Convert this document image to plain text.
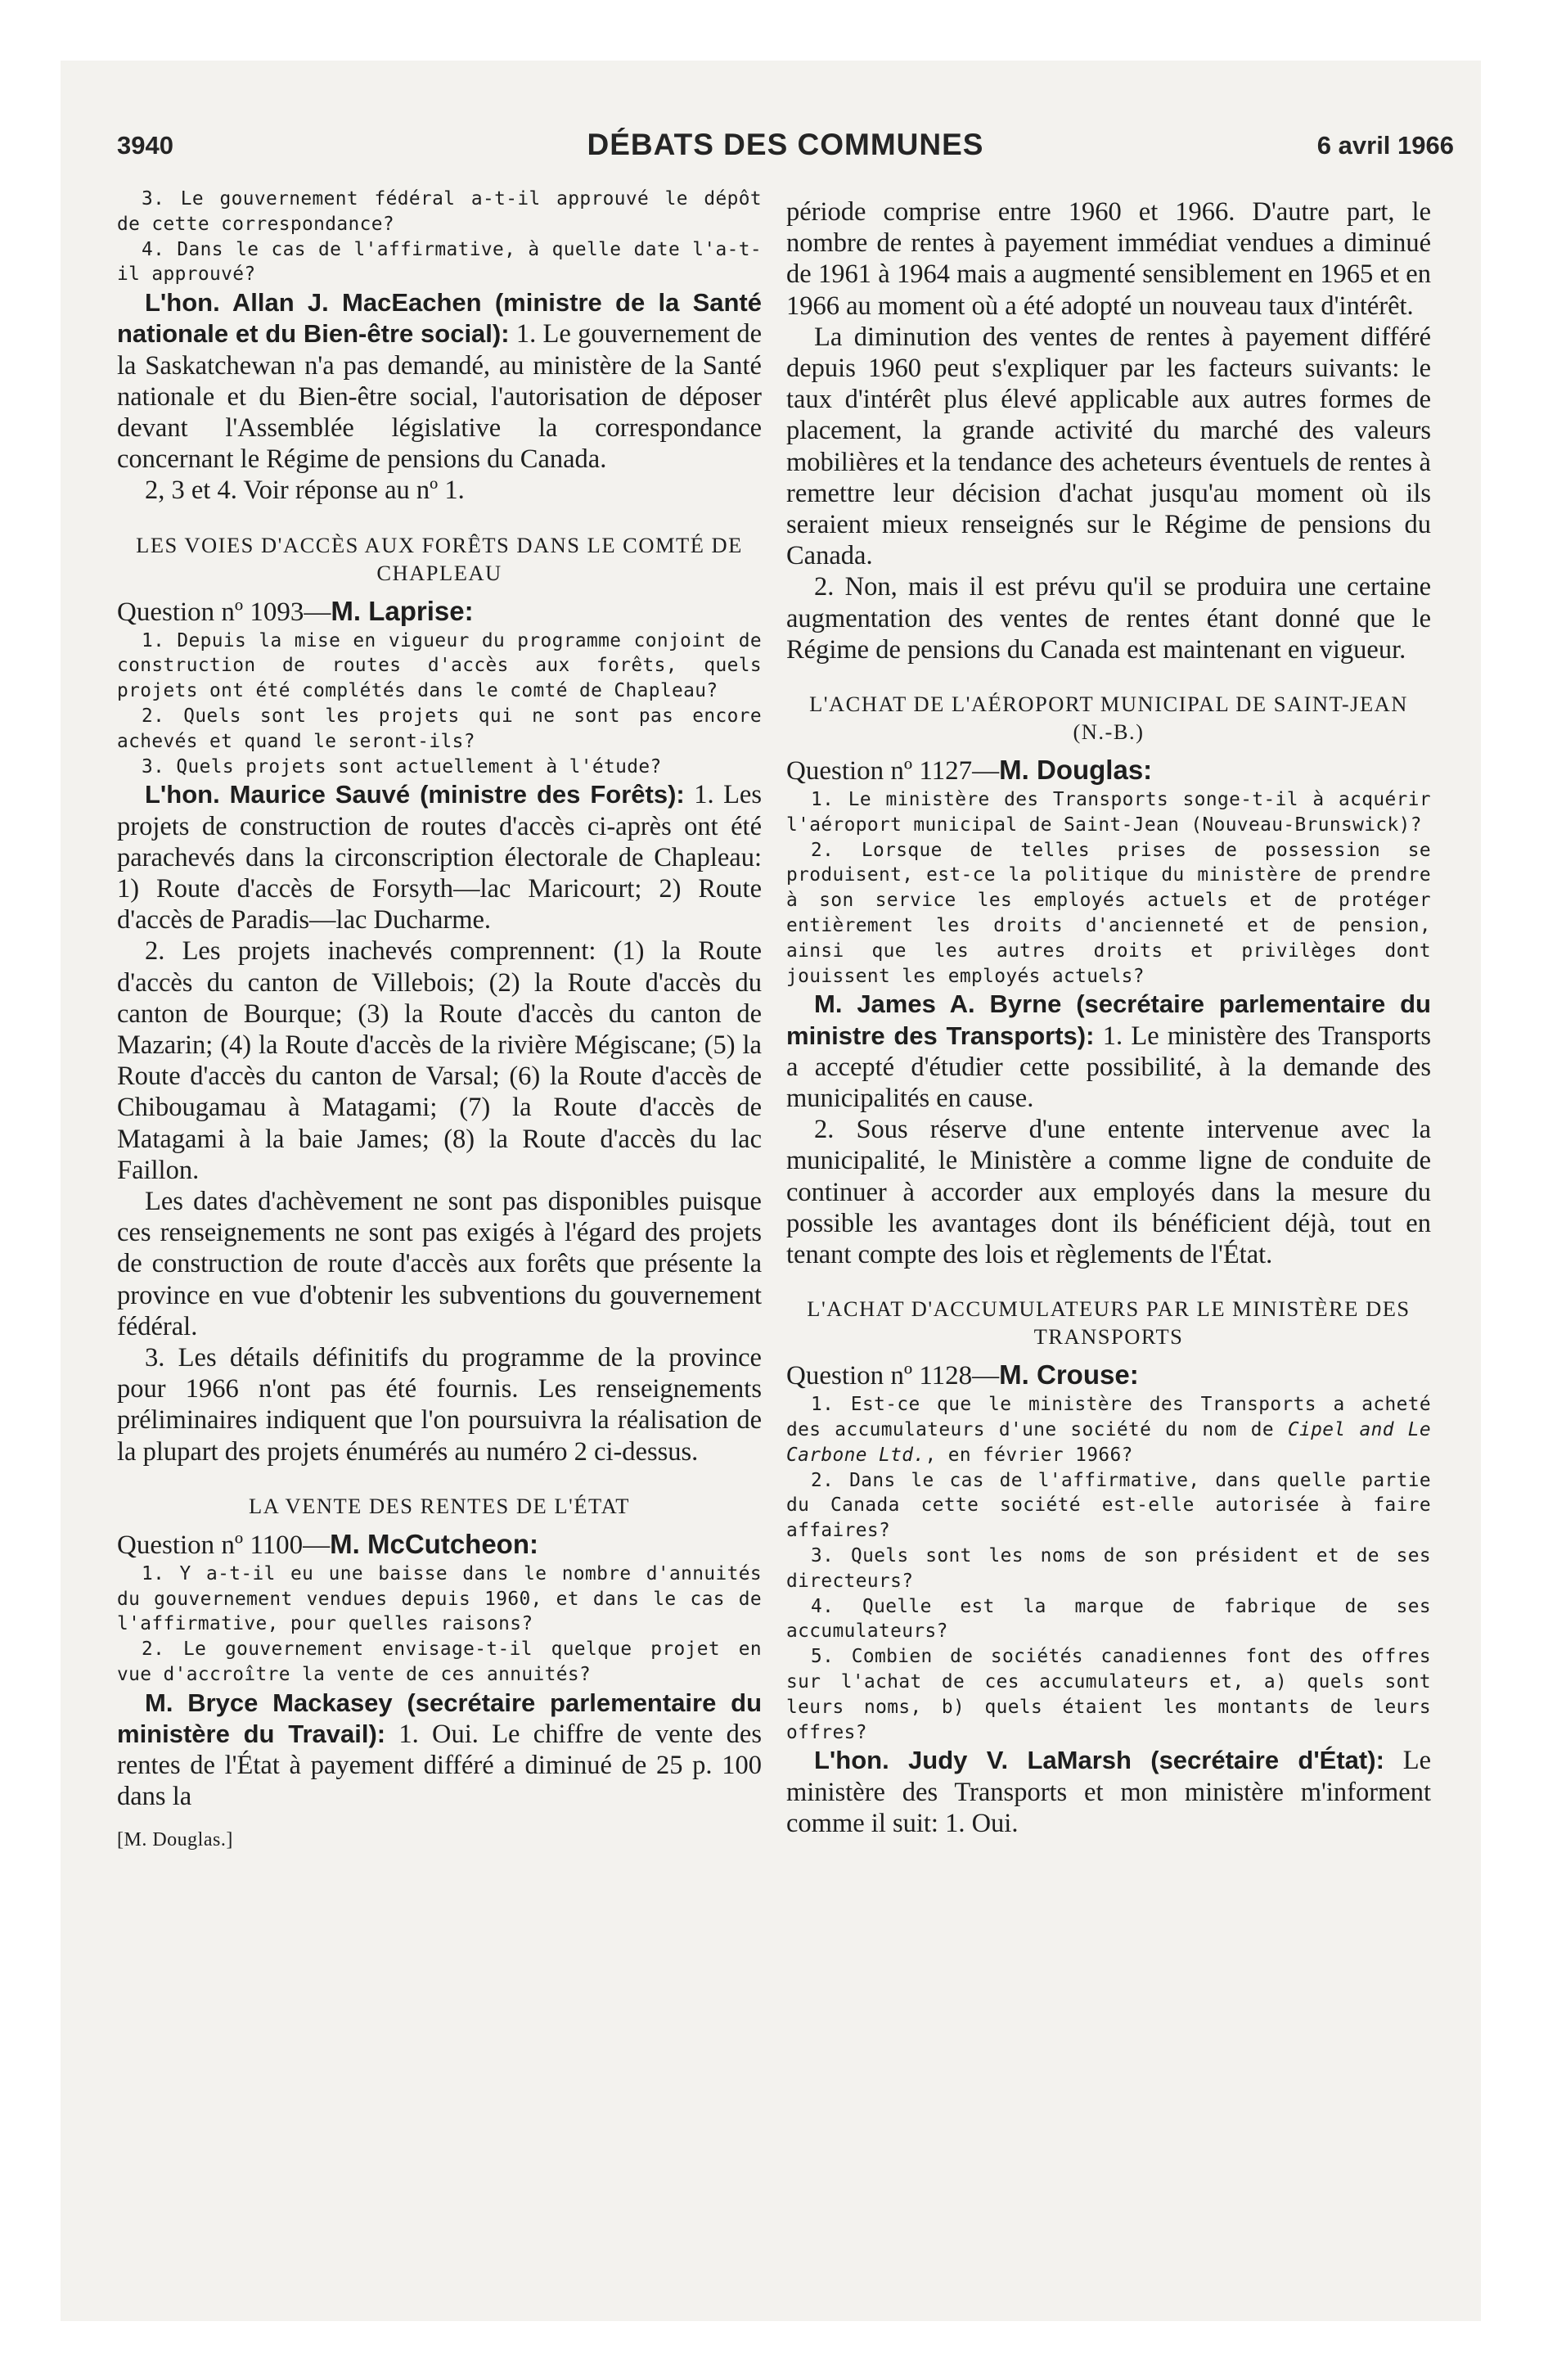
3940	DÉBATS DES COMMUNES	6 avril 1966

3. Le gouvernement fédéral a-t-il approuvé le dépôt de cette correspondance?

4. Dans le cas de l'affirmative, à quelle date l'a-t-il approuvé?

L'hon. Allan J. MacEachen (ministre de la Santé nationale et du Bien-être social): 1. Le gouvernement de la Saskatchewan n'a pas demandé, au ministère de la Santé nationale et du Bien-être social, l'autorisation de déposer devant l'Assemblée législative la correspondance concernant le Régime de pensions du Canada.

2, 3 et 4. Voir réponse au nº 1.

LES VOIES D'ACCÈS AUX FORÊTS DANS LE COMTÉ DE CHAPLEAU

Question nº 1093—M. Laprise:

1. Depuis la mise en vigueur du programme conjoint de construction de routes d'accès aux forêts, quels projets ont été complétés dans le comté de Chapleau?

2. Quels sont les projets qui ne sont pas encore achevés et quand le seront-ils?

3. Quels projets sont actuellement à l'étude?

L'hon. Maurice Sauvé (ministre des Forêts): 1. Les projets de construction de routes d'accès ci-après ont été parachevés dans la circonscription électorale de Chapleau: 1) Route d'accès de Forsyth—lac Maricourt; 2) Route d'accès de Paradis—lac Ducharme.

2. Les projets inachevés comprennent: (1) la Route d'accès du canton de Villebois; (2) la Route d'accès du canton de Bourque; (3) la Route d'accès du canton de Mazarin; (4) la Route d'accès de la rivière Mégiscane; (5) la Route d'accès du canton de Varsal; (6) la Route d'accès de Chibougamau à Matagami; (7) la Route d'accès de Matagami à la baie James; (8) la Route d'accès du lac Faillon.

Les dates d'achèvement ne sont pas disponibles puisque ces renseignements ne sont pas exigés à l'égard des projets de construction de route d'accès aux forêts que présente la province en vue d'obtenir les subventions du gouvernement fédéral.

3. Les détails définitifs du programme de la province pour 1966 n'ont pas été fournis. Les renseignements préliminaires indiquent que l'on poursuivra la réalisation de la plupart des projets énumérés au numéro 2 ci-dessus.

LA VENTE DES RENTES DE L'ÉTAT

Question nº 1100—M. McCutcheon:

1. Y a-t-il eu une baisse dans le nombre d'annuités du gouvernement vendues depuis 1960, et dans le cas de l'affirmative, pour quelles raisons?

2. Le gouvernement envisage-t-il quelque projet en vue d'accroître la vente de ces annuités?

M. Bryce Mackasey (secrétaire parlementaire du ministère du Travail): 1. Oui. Le chiffre de vente des rentes de l'État à payement différé a diminué de 25 p. 100 dans la

[M. Douglas.]

période comprise entre 1960 et 1966. D'autre part, le nombre de rentes à payement immédiat vendues a diminué de 1961 à 1964 mais a augmenté sensiblement en 1965 et en 1966 au moment où a été adopté un nouveau taux d'intérêt.

La diminution des ventes de rentes à payement différé depuis 1960 peut s'expliquer par les facteurs suivants: le taux d'intérêt plus élevé applicable aux autres formes de placement, la grande activité du marché des valeurs mobilières et la tendance des acheteurs éventuels de rentes à remettre leur décision d'achat jusqu'au moment où ils seraient mieux renseignés sur le Régime de pensions du Canada.

2. Non, mais il est prévu qu'il se produira une certaine augmentation des ventes de rentes étant donné que le Régime de pensions du Canada est maintenant en vigueur.

L'ACHAT DE L'AÉROPORT MUNICIPAL DE SAINT-JEAN (N.-B.)

Question nº 1127—M. Douglas:

1. Le ministère des Transports songe-t-il à acquérir l'aéroport municipal de Saint-Jean (Nouveau-Brunswick)?

2. Lorsque de telles prises de possession se produisent, est-ce la politique du ministère de prendre à son service les employés actuels et de protéger entièrement les droits d'ancienneté et de pension, ainsi que les autres droits et privilèges dont jouissent les employés actuels?

M. James A. Byrne (secrétaire parlementaire du ministre des Transports): 1. Le ministère des Transports a accepté d'étudier cette possibilité, à la demande des municipalités en cause.

2. Sous réserve d'une entente intervenue avec la municipalité, le Ministère a comme ligne de conduite de continuer à accorder aux employés dans la mesure du possible les avantages dont ils bénéficient déjà, tout en tenant compte des lois et règlements de l'État.

L'ACHAT D'ACCUMULATEURS PAR LE MINISTÈRE DES TRANSPORTS

Question nº 1128—M. Crouse:

1. Est-ce que le ministère des Transports a acheté des accumulateurs d'une société du nom de Cipel and Le Carbone Ltd., en février 1966?

2. Dans le cas de l'affirmative, dans quelle partie du Canada cette société est-elle autorisée à faire affaires?

3. Quels sont les noms de son président et de ses directeurs?

4. Quelle est la marque de fabrique de ses accumulateurs?

5. Combien de sociétés canadiennes font des offres sur l'achat de ces accumulateurs et, a) quels sont leurs noms, b) quels étaient les montants de leurs offres?

L'hon. Judy V. LaMarsh (secrétaire d'État): Le ministère des Transports et mon ministère m'informent comme il suit: 1. Oui.
